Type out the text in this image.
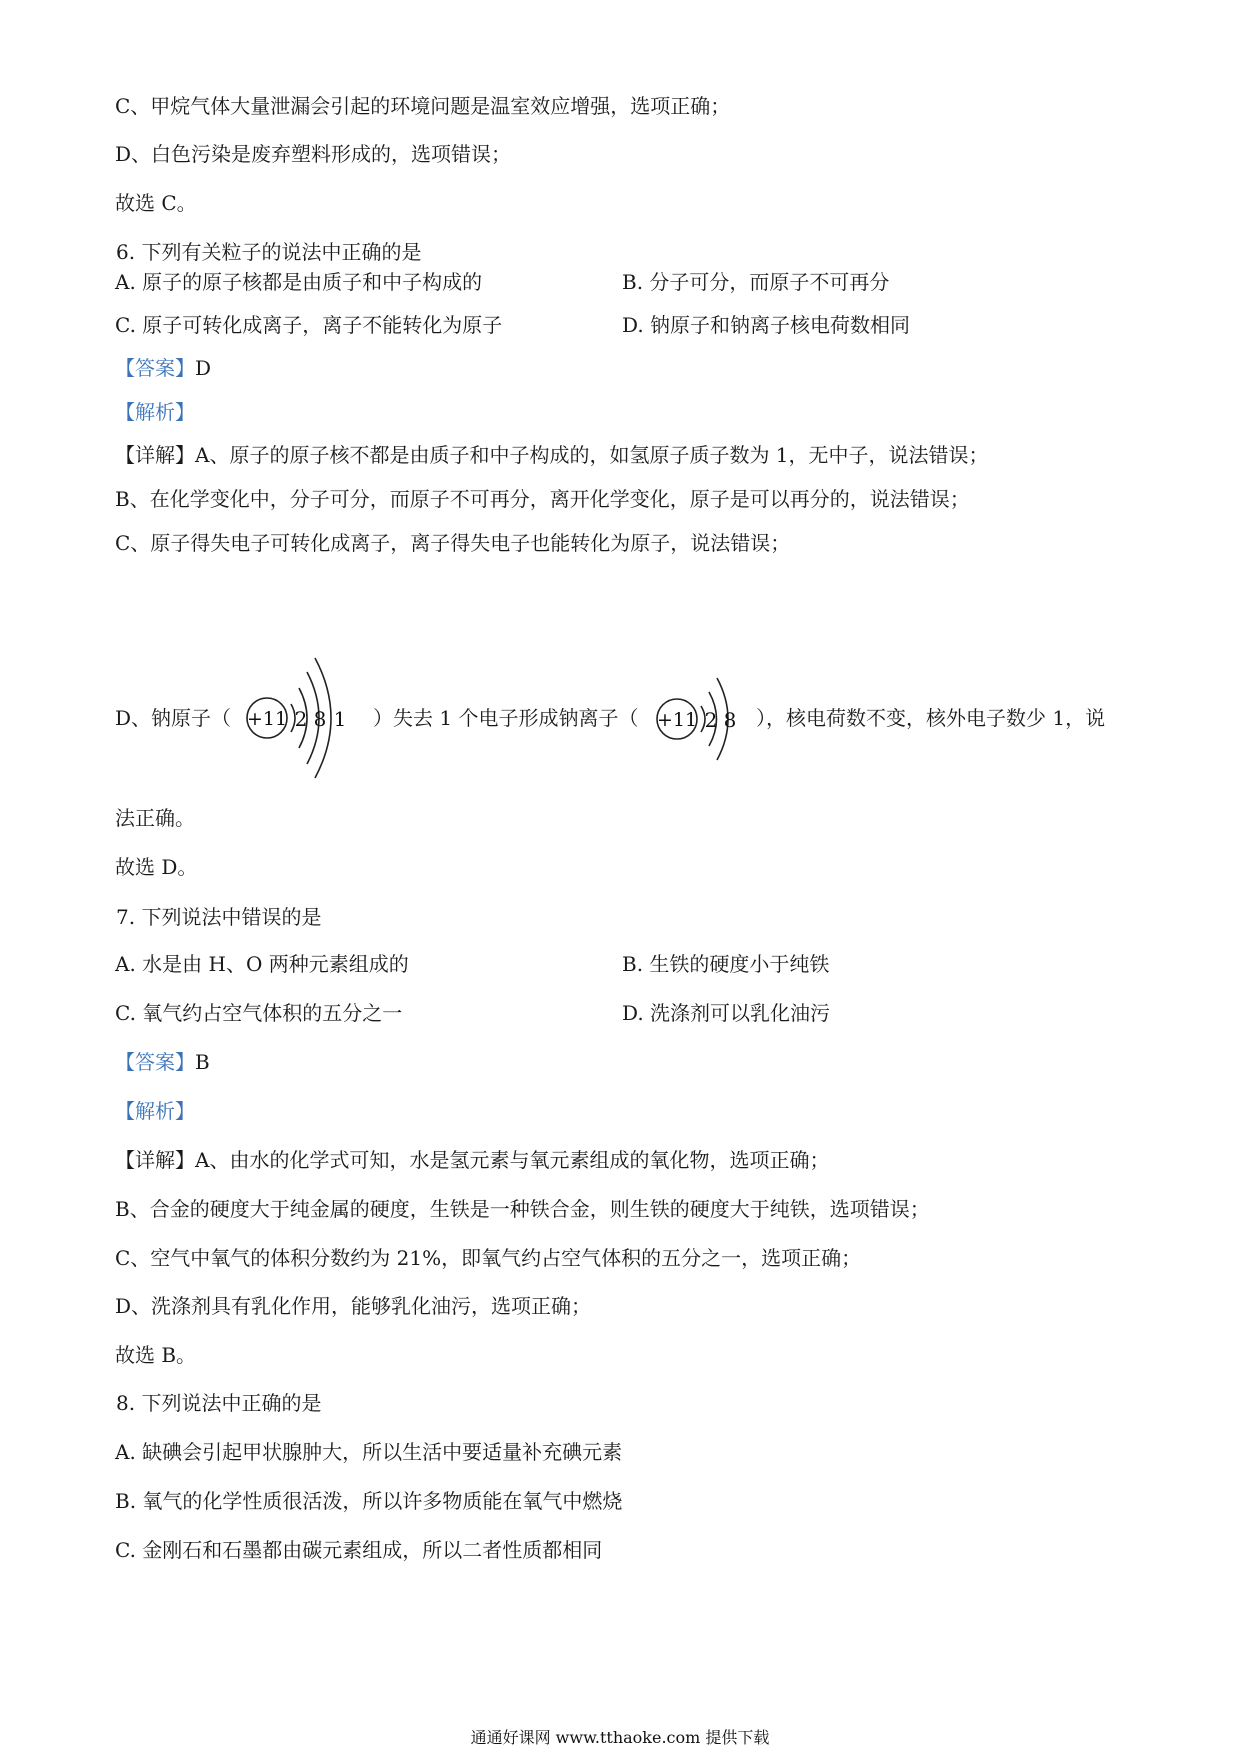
C、甲烷气体大量泄漏会引起的环境问题是温室效应增强，选项正确；
D、白色污染是废弃塑料形成的，选项错误；
故选 C。
6. 下列有关粒子的说法中正确的是
A. 原子的原子核都是由质子和中子构成的	B. 分子可分，而原子不可再分
C. 原子可转化成离子，离子不能转化为原子	D. 钠原子和钠离子核电荷数相同
【答案】D
【解析】
【详解】A、原子的原子核不都是由质子和中子构成的，如氢原子质子数为 1，无中子，说法错误；
B、在化学变化中，分子可分，而原子不可再分，离开化学变化，原子是可以再分的，说法错误；
C、原子得失电子可转化成离子，离子得失电子也能转化为原子，说法错误；
D、钠原子（ +11 2 8 1 ）失去 1 个电子形成钠离子（ +11 2 8 ），核电荷数不变，核外电子数少 1，说
法正确。
故选 D。
7. 下列说法中错误的是
A. 水是由 H、O 两种元素组成的	B. 生铁的硬度小于纯铁
C. 氧气约占空气体积的五分之一	D. 洗涤剂可以乳化油污
【答案】B
【解析】
【详解】A、由水的化学式可知，水是氢元素与氧元素组成的氧化物，选项正确；
B、合金的硬度大于纯金属的硬度，生铁是一种铁合金，则生铁的硬度大于纯铁，选项错误；
C、空气中氧气的体积分数约为 21%，即氧气约占空气体积的五分之一，选项正确；
D、洗涤剂具有乳化作用，能够乳化油污，选项正确；
故选 B。
8. 下列说法中正确的是
A. 缺碘会引起甲状腺肿大，所以生活中要适量补充碘元素
B. 氧气的化学性质很活泼，所以许多物质能在氧气中燃烧
C. 金刚石和石墨都由碳元素组成，所以二者性质都相同
通通好课网 www.tthaoke.com 提供下载
